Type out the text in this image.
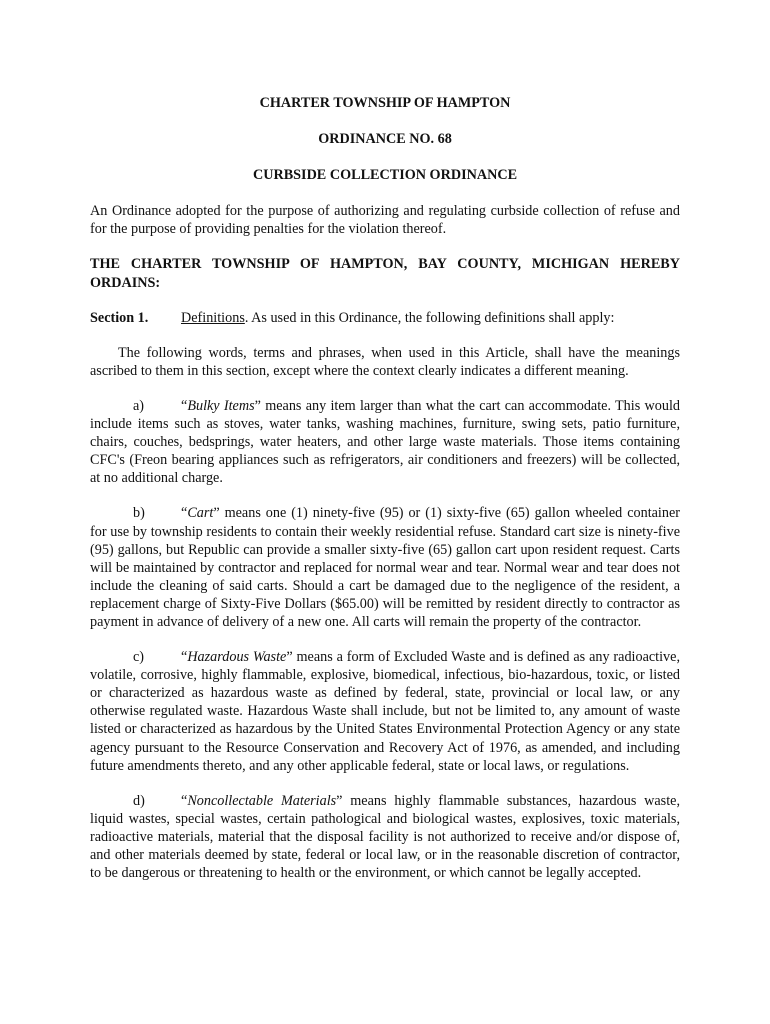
CHARTER TOWNSHIP OF HAMPTON
ORDINANCE NO. 68
CURBSIDE COLLECTION ORDINANCE

An Ordinance adopted for the purpose of authorizing and regulating curbside collection of refuse and for the purpose of providing penalties for the violation thereof.

THE CHARTER TOWNSHIP OF HAMPTON, BAY COUNTY, MICHIGAN HEREBY ORDAINS:

Section 1.	Definitions. As used in this Ordinance, the following definitions shall apply:

The following words, terms and phrases, when used in this Article, shall have the meanings ascribed to them in this section, except where the context clearly indicates a different meaning.

a)	“Bulky Items” means any item larger than what the cart can accommodate. This would include items such as stoves, water tanks, washing machines, furniture, swing sets, patio furniture, chairs, couches, bedsprings, water heaters, and other large waste materials. Those items containing CFC's (Freon bearing appliances such as refrigerators, air conditioners and freezers) will be collected, at no additional charge.

b)	“Cart” means one (1) ninety-five (95) or (1) sixty-five (65) gallon wheeled container for use by township residents to contain their weekly residential refuse. Standard cart size is ninety-five (95) gallons, but Republic can provide a smaller sixty-five (65) gallon cart upon resident request. Carts will be maintained by contractor and replaced for normal wear and tear. Normal wear and tear does not include the cleaning of said carts. Should a cart be damaged due to the negligence of the resident, a replacement charge of Sixty-Five Dollars ($65.00) will be remitted by resident directly to contractor as payment in advance of delivery of a new one. All carts will remain the property of the contractor.

c)	“Hazardous Waste” means a form of Excluded Waste and is defined as any radioactive, volatile, corrosive, highly flammable, explosive, biomedical, infectious, bio-hazardous, toxic, or listed or characterized as hazardous waste as defined by federal, state, provincial or local law, or any otherwise regulated waste. Hazardous Waste shall include, but not be limited to, any amount of waste listed or characterized as hazardous by the United States Environmental Protection Agency or any state agency pursuant to the Resource Conservation and Recovery Act of 1976, as amended, and including future amendments thereto, and any other applicable federal, state or local laws, or regulations.

d)	“Noncollectable Materials” means highly flammable substances, hazardous waste, liquid wastes, special wastes, certain pathological and biological wastes, explosives, toxic materials, radioactive materials, material that the disposal facility is not authorized to receive and/or dispose of, and other materials deemed by state, federal or local law, or in the reasonable discretion of contractor, to be dangerous or threatening to health or the environment, or which cannot be legally accepted.
